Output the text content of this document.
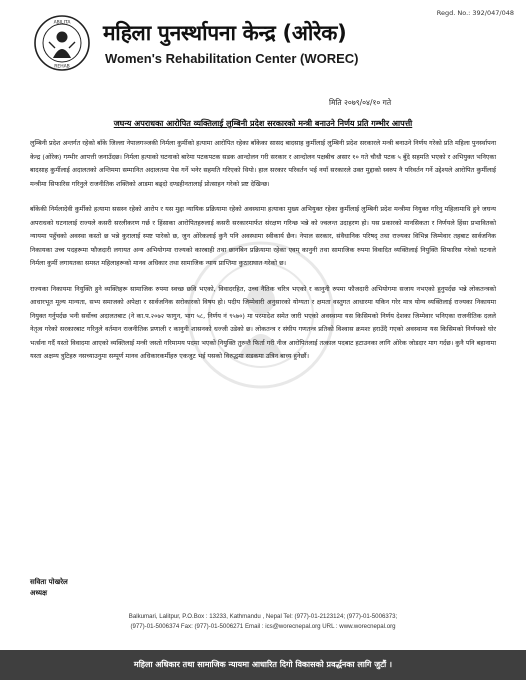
Regd. No.: 392/047/048
ABILITA
REHAB
महिला पुनर्स्थापना केन्द्र (ओरेक)
Women's Rehabilitation Center (WOREC)
मिति २०७९/०४/१० गते
जघन्य अपराधका आरोपित व्यक्तिलाई लुम्बिनी प्रदेश सरकारको मन्त्री बनाउने निर्णय प्रति गम्भीर आपत्ती

लुम्बिनी प्रदेश अन्तर्गत रहेको बाँके जिल्ला नेपालगञ्जकी निर्मला कुर्मीको हत्यामा आरोपित रहेका बाँकेका सासद बादसाह कुर्मीलाई लुम्बिनी प्रदेश सरकारले मन्त्री बनाउने निर्णय गरेको प्रति महिला पुनर्स्थापना केन्द्र (ओरेक) गम्भीर आपत्ती जनाउँदछ। निर्मला हत्याको घटनाको बारेमा पटकपटक सडक आन्दोलन गरी सरकार र आन्दोलन पक्षबीच असार १० गते चौधौ पटक ५ बुँदे सहमति भएको र अभियुक्त भनिएका बादसाह कुर्मीलाई अदालतको अन्तिममा सम्मानित अदालतमा पेस गर्ने भनेर सहमति गरिएको थियो। हाल सरकार परिवर्तन भई नयाँ सरकारले उक्त मुद्दाको स्वरुप नै परिवर्तन गर्ने उद्देश्यले आरोपित कुर्मीलाई मन्त्रीमा सिफारिस गरिनुले राजनीतिक शक्तिको आडमा बढ्दो दण्डहीनतालाई प्रोत्साहन गरेको प्रष्ट देखिन्छ।

बाँकेकी निर्मलादेवी कुर्मीको हत्यामा ससस्न रहेको आरोप र यस मुद्दा न्यायिक प्रक्रियामा रहेको अवस्थामा हत्याका मुख्य अभियुक्त रहेका कुर्मीलाई लुम्बिनी प्रदेश मन्त्रीमा नियुक्त गरिनु महिलामाथि हुने जघन्य अपराधको घटनालाई राज्यले कसरी सरलीकरण गर्छ र हिंसाका आरोपितहरुलाई कसरी सरकारमार्फत संरक्षण गरिन्छ भन्ने को ज्वलन्त उदाहरण हो। यस प्रकारको मानसिकता र निर्णयले हिंसा प्रभावितको न्यायमा पहुँचको अवस्था कस्तो छ भन्ने कुरालाई स्पष्ट पारेको छ, जुन ओरेकलाई कुनै पनि अवस्थामा स्वीकार्य छैन। नेपाल सरकार, संवैधानिक परिषद् तथा राज्यका विभिन्न जिम्मेवार तहबाट सार्वजनिक निकायका उच्च पदहरूमा फौजदारी लगायत अन्य अभियोगमा राज्यको कारबाही तथा छानबिन प्रक्रियामा रहेका एवम् कानुनी तथा सामाजिक रुपमा विवादित व्यक्तिलाई नियुक्ति सिफारिस गरेको घटनाले निर्मला कुर्मी लगायतका समस्त महिलाहरूको मानव अधिकार तथा सामाजिक न्याय प्राप्तिमा कुठाराघात गरेको छ।

राज्यका निकायमा नियुक्ति हुने व्यक्तिहरू सामाजिक रुपमा स्वच्छ छवि भएको, विवादरहित, उच्च नैतिक चरित्र भएको र कानुनी रुपमा फौजदारी अभियोगमा सजाय नभएको हुनुपर्दछ भन्ने लोकतन्त्रको आधारभूत मूल्य मान्यता, सभ्य समाजको अपेक्षा र सार्वजनिक सरोकारको विषय हो। पदीय जिम्मेवारी अनुसारको योग्यता र क्षमता वस्तुगत आधारमा यकिन गरेर मात्र योग्य व्यक्तिलाई राज्यका निकायमा नियुक्त गर्नुपर्दछ भनी सर्वोच्च अदालतबाट (ने का.प.२०७२ फागुन, भाग ५८, निर्णय नं ९५७०) मा परमादेश समेत जारी भएको अवस्थामा यस किसिमको निर्णय देशका जिम्मेवार भनिएका राजनीतिक दलले नेतृत्व गरेको सरकारबाट गरिनुले वर्तमान राजनीतिक प्रणाली र कानुनी शासनको धज्जी उडेको छ। लोकतन्त्र र संघीय गणतन्त्र प्रतिको विश्वास क्रमशः हराउँदै गएको अवस्थामा यस किसिमको निर्णयको घोर भर्त्सना गर्दै यस्तो विवादमा आएको व्यक्तिलाई मन्त्री जस्तो गरिमामय पदमा भएको नियुक्ति तुरुन्तै फिर्ता गरी नीज आरोपितलाई तत्काल पदबाट हटाउनका लागि ओरेक जोडदार माग गर्दछ। कुनै पनि बहानामा यस्ता अक्षम्य त्रुटिहरु नसच्याउनुमा सम्पूर्ण मानव अधिकारकर्मीहरु एकजुट भई यसको विरुद्धमा सडकमा उत्रिन बाध्य हुनेछौं।

सविता पोखरेल
अध्यक्ष
Balkumari, Lalitpur, P.O.Box : 13233, Kathmandu , Nepal Tel: (977)-01-2123124; (977)-01-5006373;
(977)-01-5006374 Fax: (977)-01-5006271 Email : ics@worecnepal.org URL : www.worecnepal.org
महिला अधिकार तथा सामाजिक न्यायमा आधारित दिगो विकासको प्रवर्द्धनका लागि जुटौं ।
